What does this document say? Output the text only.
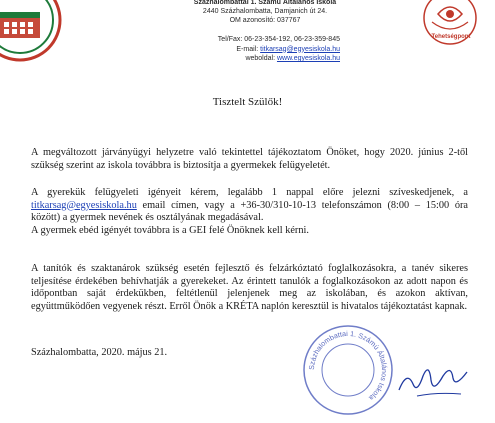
Tehetségpont
Százhalombattai 1. Számú Általános Iskola
2440 Százhalombatta, Damjanich út 24.
OM azonosító: 037767
Tel/Fax: 06-23-354-192, 06-23-359-845
E-mail: titkarsag@egyesiskola.hu
weboldal: www.egyesiskola.hu
Tisztelt Szülők!
A megváltozott járványügyi helyzetre való tekintettel tájékoztatom Önöket, hogy 2020. június 2-től szükség szerint az iskola továbbra is biztosítja a gyermekek felügyeletét.
A gyerekük felügyeleti igényeit kérem, legalább 1 nappal előre jelezni szíveskedjenek, a titkarsag@egyesiskola.hu email címen, vagy a +36-30/310-10-13 telefonszámon (8:00 – 15:00 óra között) a gyermek nevének és osztályának megadásával.
A gyermek ebéd igényét továbbra is a GEI felé Önöknek kell kérni.
A tanítók és szaktanárok szükség esetén fejlesztő és felzárkóztató foglalkozásokra, a tanév sikeres teljesítése érdekében behívhatják a gyerekeket. Az érintett tanulók a foglalkozásokon az adott napon és időpontban saját érdekükben, feltétlenül jelenjenek meg az iskolában, és azokon aktívan, együttműködően vegyenek részt. Erről Önök a KRÉTA naplón keresztül is hivatalos tájékoztatást kapnak.
Százhalombatta, 2020. május 21.
Százhalombattai 1. Számú Általános Iskola
